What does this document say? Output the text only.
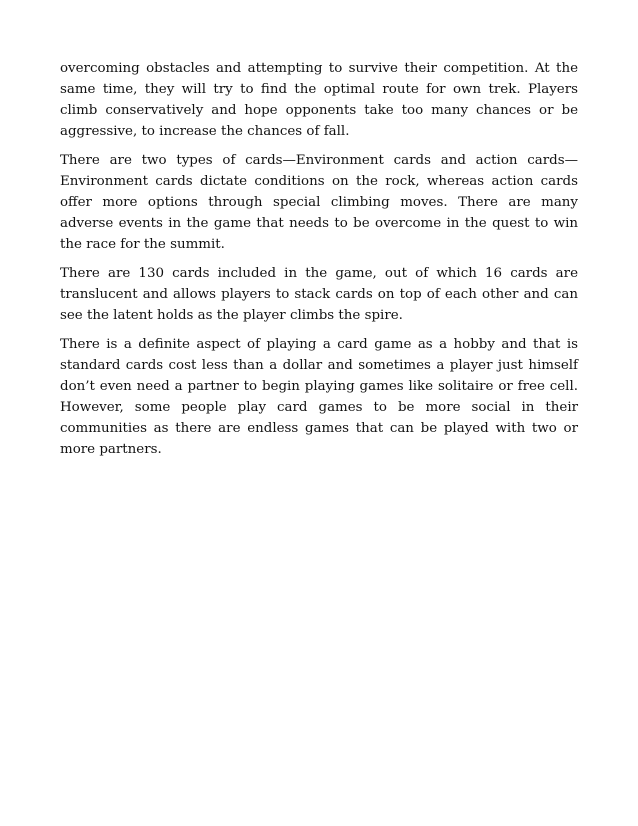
overcoming obstacles and attempting to survive their competition. At the same time, they will try to find the optimal route for own trek. Players climb conservatively and hope opponents take too many chances or be aggressive, to increase the chances of fall.

There are two types of cards—Environment cards and action cards— Environment cards dictate conditions on the rock, whereas action cards offer more options through special climbing moves. There are many adverse events in the game that needs to be overcome in the quest to win the race for the summit.

There are 130 cards included in the game, out of which 16 cards are translucent and allows players to stack cards on top of each other and can see the latent holds as the player climbs the spire.

There is a definite aspect of playing a card game as a hobby and that is standard cards cost less than a dollar and sometimes a player just himself don’t even need a partner to begin playing games like solitaire or free cell. However, some people play card games to be more social in their communities as there are endless games that can be played with two or more partners.
